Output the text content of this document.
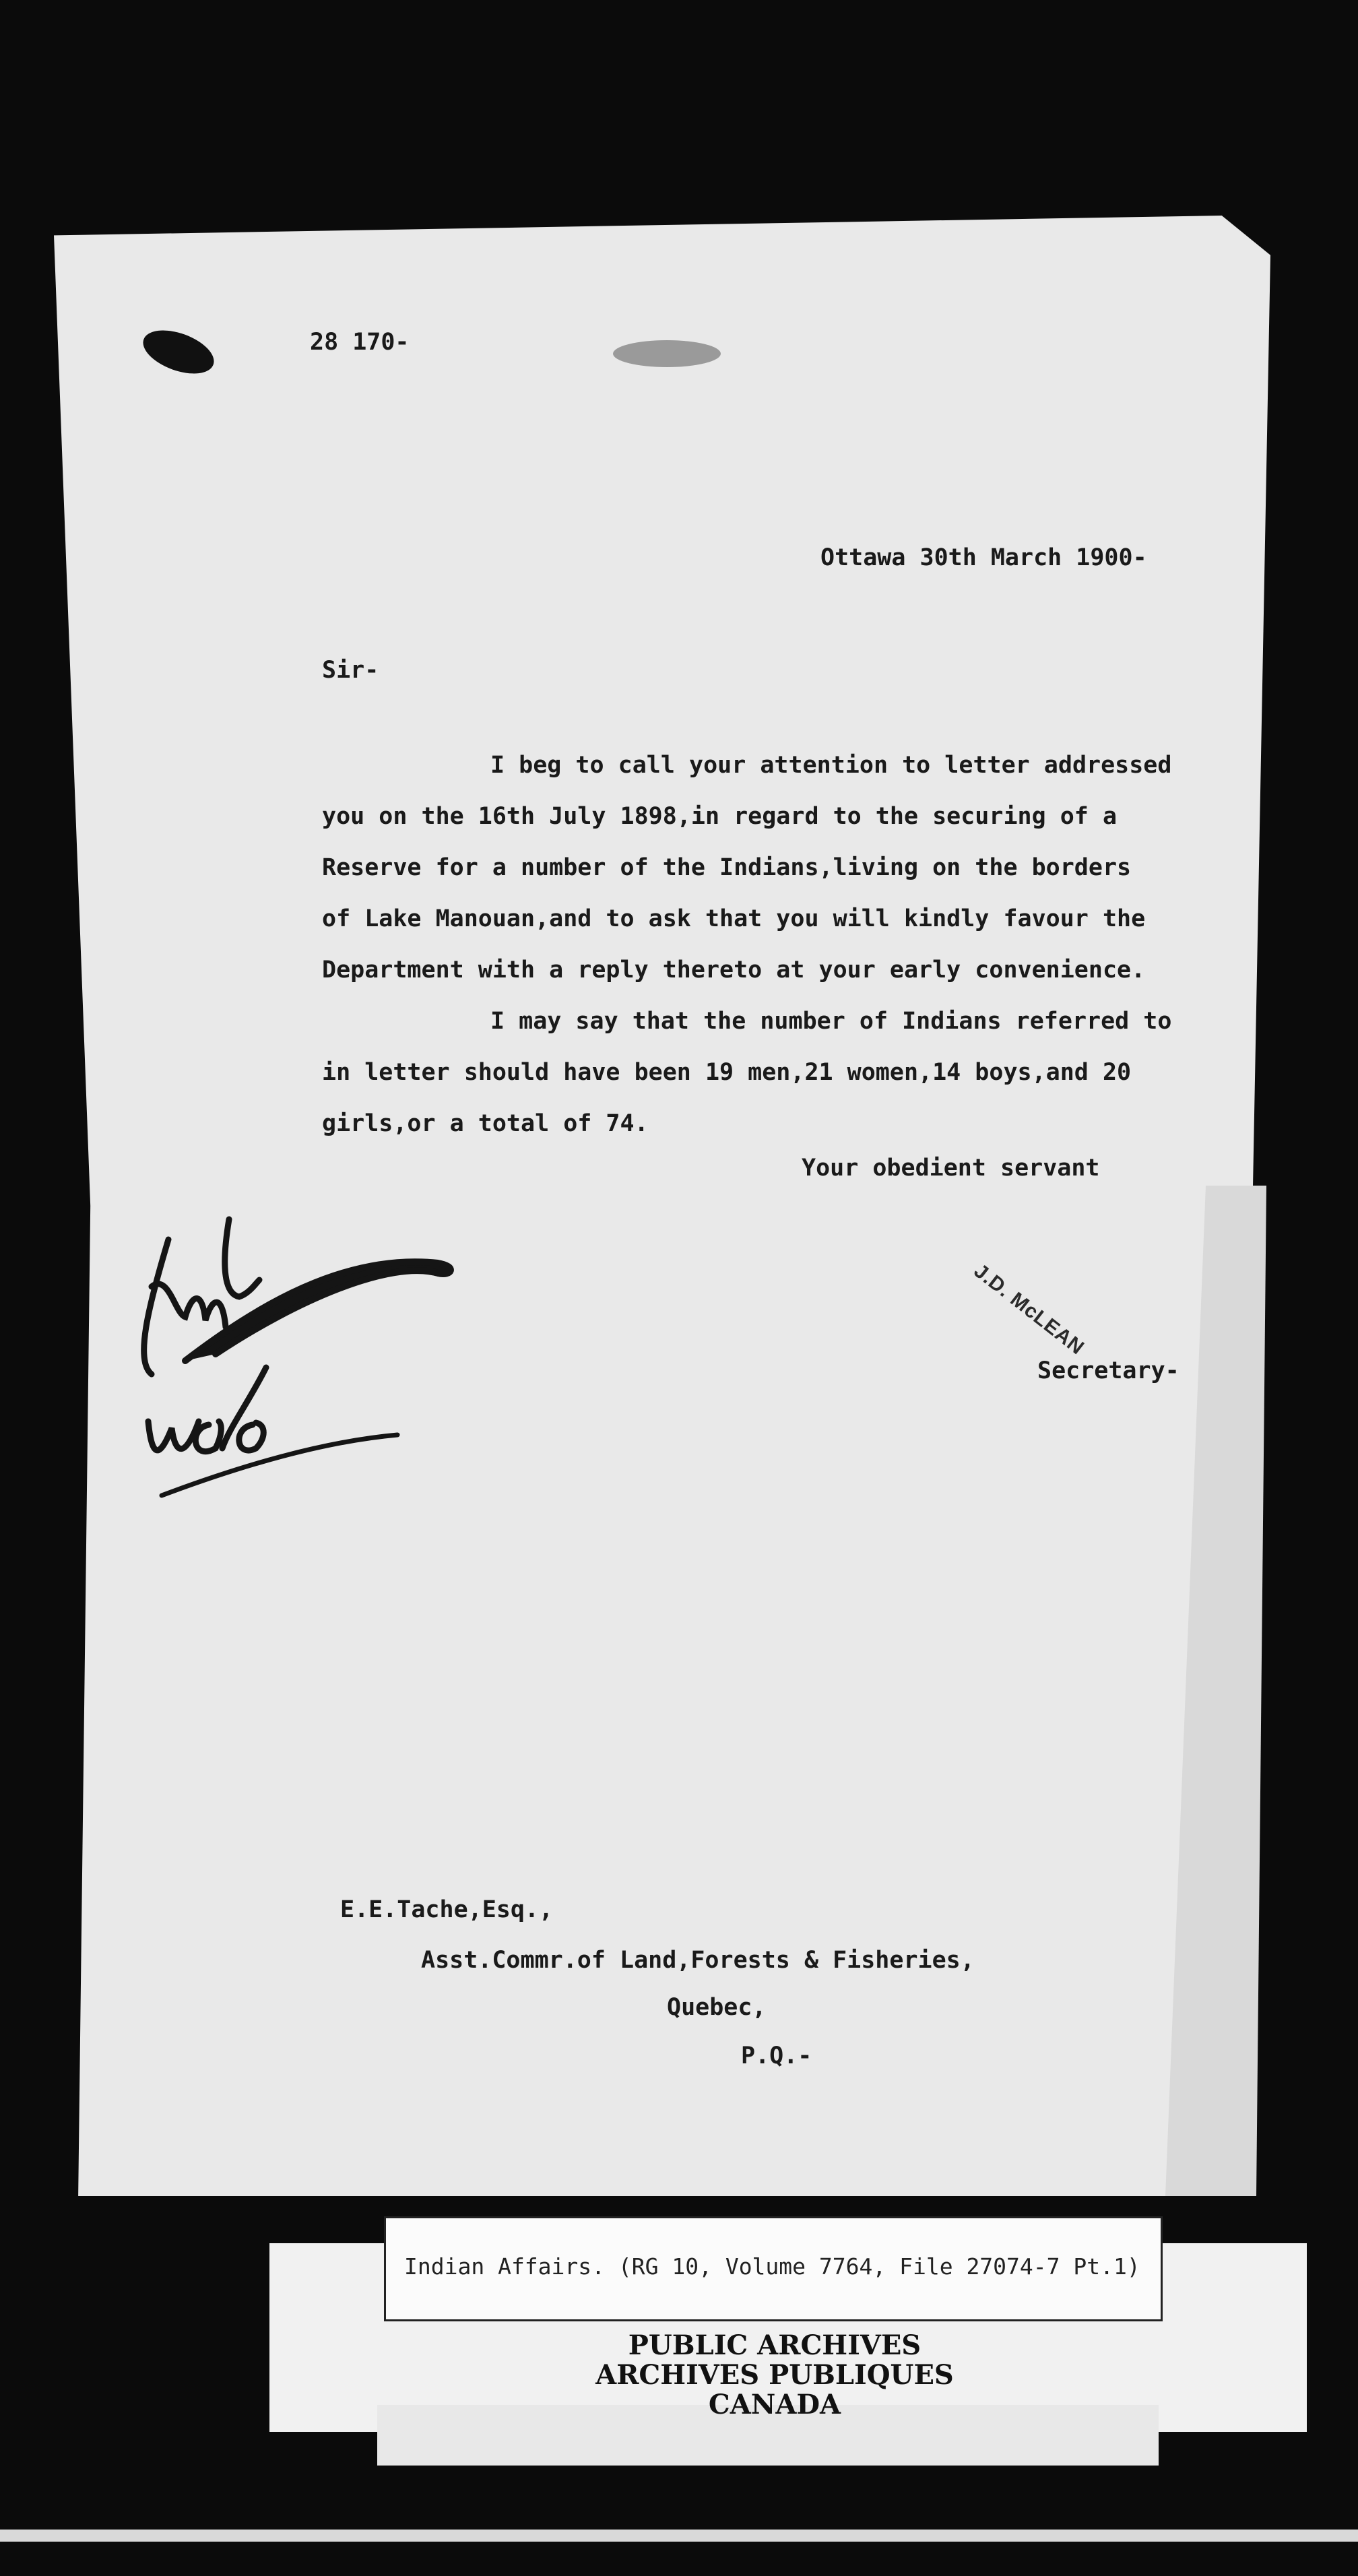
28 170-
Ottawa 30th March 1900-
Sir-
I beg to call your attention to letter addressed
you on the 16th July 1898,in regard to the securing of a
Reserve for a number of the Indians,living on the borders
of Lake Manouan,and to ask that you will kindly favour the
Department with a reply thereto at your early convenience.
I may say that the number of Indians referred to
in letter should have been 19 men,21 women,14 boys,and 20
girls,or a total of 74.
Your obedient servant
J.D. McLEAN
Secretary-
E.E.Tache,Esq.,
Asst.Commr.of Land,Forests & Fisheries,
Quebec,
P.Q.-
Indian Affairs. (RG 10, Volume 7764, File 27074-7 Pt.1)
PUBLIC ARCHIVES
ARCHIVES PUBLIQUES
CANADA
